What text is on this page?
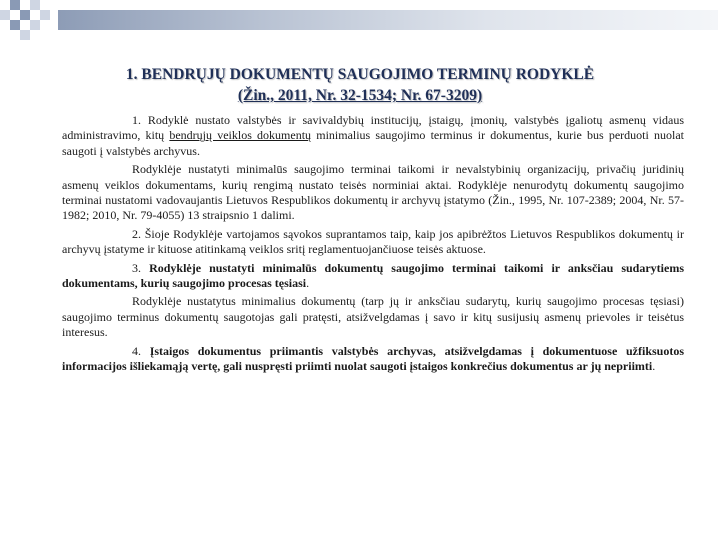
1. BENDRŲJŲ DOKUMENTŲ SAUGOJIMO TERMINŲ RODYKLĖ
(Žin., 2011, Nr. 32-1534; Nr. 67-3209)

1. Rodyklė nustato valstybės ir savivaldybių institucijų, įstaigų, įmonių, valstybės įgaliotų asmenų vidaus administravimo, kitų bendrųjų veiklos dokumentų minimalius saugojimo terminus ir dokumentus, kurie bus perduoti nuolat saugoti į valstybės archyvus.

Rodyklėje nustatyti minimalūs saugojimo terminai taikomi ir nevalstybinių organizacijų, privačių juridinių asmenų veiklos dokumentams, kurių rengimą nustato teisės norminiai aktai. Rodyklėje nenurodytų dokumentų saugojimo terminai nustatomi vadovaujantis Lietuvos Respublikos dokumentų ir archyvų įstatymo (Žin., 1995, Nr. 107-2389; 2004, Nr. 57-1982; 2010, Nr. 79-4055) 13 straipsnio 1 dalimi.

2. Šioje Rodyklėje vartojamos sąvokos suprantamos taip, kaip jos apibrėžtos Lietuvos Respublikos dokumentų ir archyvų įstatyme ir kituose atitinkamą veiklos sritį reglamentuojančiuose teisės aktuose.

3. Rodyklėje nustatyti minimalūs dokumentų saugojimo terminai taikomi ir anksčiau sudarytiems dokumentams, kurių saugojimo procesas tęsiasi.

Rodyklėje nustatytus minimalius dokumentų (tarp jų ir anksčiau sudarytų, kurių saugojimo procesas tęsiasi) saugojimo terminus dokumentų saugotojas gali pratęsti, atsižvelgdamas į savo ir kitų susijusių asmenų prievoles ir teisėtus interesus.

4. Įstaigos dokumentus priimantis valstybės archyvas, atsižvelgdamas į dokumentuose užfiksuotos informacijos išliekamąją vertę, gali nuspręsti priimti nuolat saugoti įstaigos konkrečius dokumentus ar jų nepriimti.
